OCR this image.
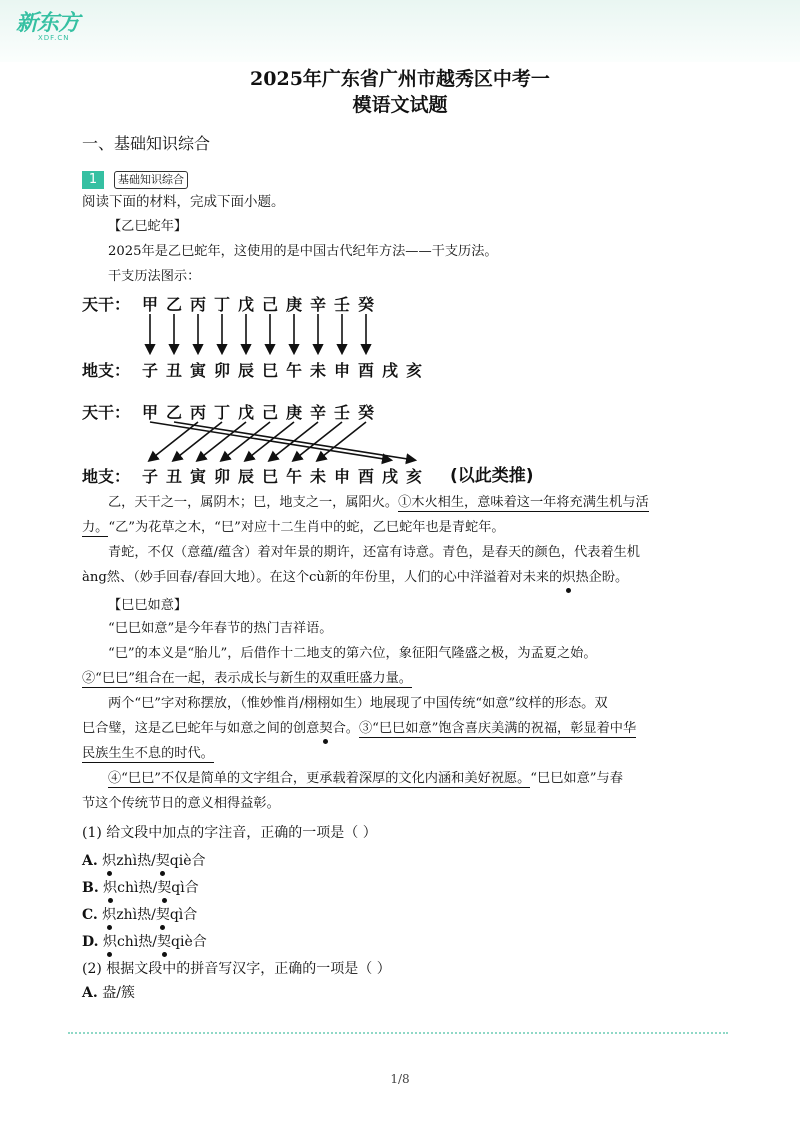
新东方
XDF.CN
2025年广东省广州市越秀区中考一
模语文试题
一、基础知识综合
1	基础知识综合
阅读下面的材料，完成下面小题。
【乙巳蛇年】
2025年是乙巳蛇年，这使用的是中国古代纪年方法——干支历法。
干支历法图示：
天干： 甲 乙 丙 丁 戊 己 庚 辛 壬 癸
地支： 子 丑 寅 卯 辰 巳 午 未 申 酉 戌 亥
天干： 甲 乙 丙 丁 戊 己 庚 辛 壬 癸
地支： 子 丑 寅 卯 辰 巳 午 未 申 酉 戌 亥 (以此类推)
乙，天干之一，属阴木；巳，地支之一，属阳火。①木火相生，意味着这一年将充满生机与活
力。“乙”为花草之木，“巳”对应十二生肖中的蛇，乙巳蛇年也是青蛇年。
青蛇，不仅（意蕴/蕴含）着对年景的期许，还富有诗意。青色，是春天的颜色，代表着生机
àng然、（妙手回春/春回大地）。在这个cù新的年份里，人们的心中洋溢着对未来的炽热企盼。
【巳巳如意】
“巳巳如意”是今年春节的热门吉祥语。
“巳”的本义是“胎儿”，后借作十二地支的第六位，象征阳气隆盛之极，为孟夏之始。
②“巳巳”组合在一起，表示成长与新生的双重旺盛力量。
两个“巳”字对称摆放，（惟妙惟肖/栩栩如生）地展现了中国传统“如意”纹样的形态。双
巳合璧，这是乙巳蛇年与如意之间的创意契合。③“巳巳如意”饱含喜庆美满的祝福，彰显着中华
民族生生不息的时代。
④“巳巳”不仅是简单的文字组合，更承载着深厚的文化内涵和美好祝愿。“巳巳如意”与春
节这个传统节日的意义相得益彰。
(1) 给文段中加点的字注音，正确的一项是（ ）
A. 炽zhì热/契qiè合
B. 炽chì热/契qì合
C. 炽zhì热/契qì合
D. 炽chì热/契qiè合
(2) 根据文段中的拼音写汉字，正确的一项是（ ）
A. 盎/簇
1/8
